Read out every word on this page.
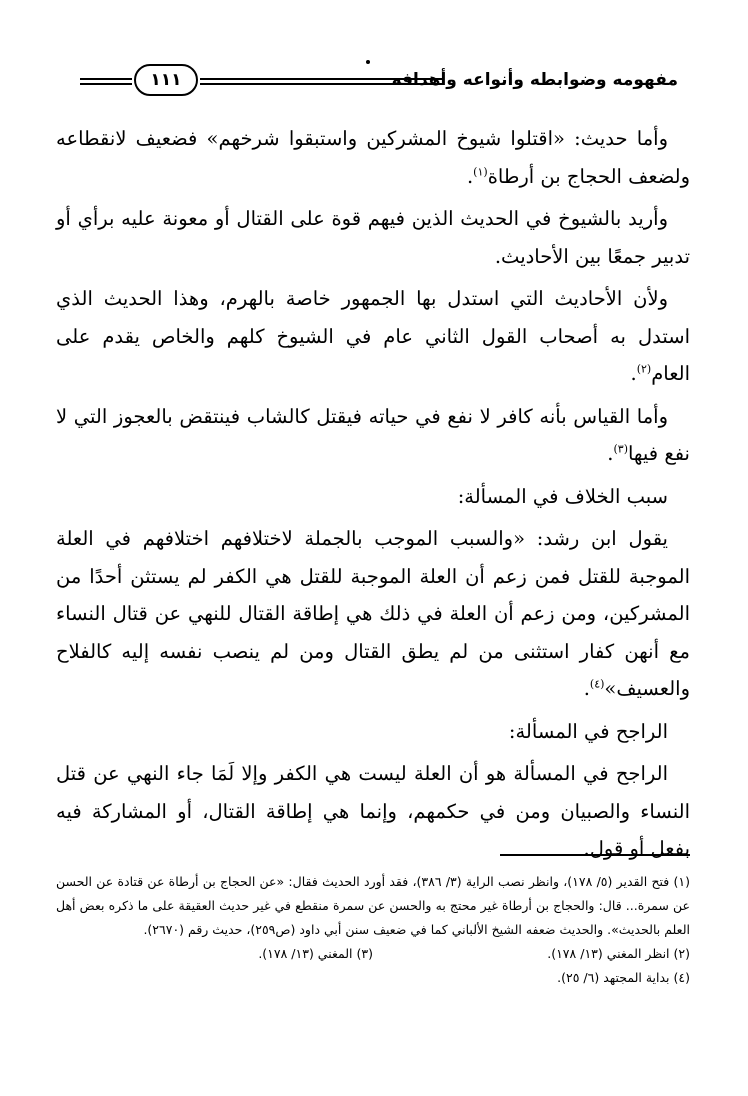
مفهومه وضوابطه وأنواعه وأهدافه
١١١

وأما حديث: «اقتلوا شيوخ المشركين واستبقوا شرخهم» فضعيف لانقطاعه ولضعف الحجاج بن أرطاة$^{(١)}$.

وأريد بالشيوخ في الحديث الذين فيهم قوة على القتال أو معونة عليه برأي أو تدبير جمعًا بين الأحاديث.

ولأن الأحاديث التي استدل بها الجمهور خاصة بالهرم، وهذا الحديث الذي استدل به أصحاب القول الثاني عام في الشيوخ كلهم والخاص يقدم على العام$^{(٢)}$.

وأما القياس بأنه كافر لا نفع في حياته فيقتل كالشاب فينتقض بالعجوز التي لا نفع فيها$^{(٣)}$.

سبب الخلاف في المسألة:

يقول ابن رشد: «والسبب الموجب بالجملة لاختلافهم اختلافهم في العلة الموجبة للقتل فمن زعم أن العلة الموجبة للقتل هي الكفر لم يستثن أحدًا من المشركين، ومن زعم أن العلة في ذلك هي إطاقة القتال للنهي عن قتال النساء مع أنهن كفار استثنى من لم يطق القتال ومن لم ينصب نفسه إليه كالفلاح والعسيف»$^{(٤)}$.

الراجح في المسألة:

الراجح في المسألة هو أن العلة ليست هي الكفر وإلا لَمَا جاء النهي عن قتل النساء والصبيان ومن في حكمهم، وإنما هي إطاقة القتال، أو المشاركة فيه بفعل أو قول.

(١) فتح القدير (٥/ ١٧٨)، وانظر نصب الراية (٣/ ٣٨٦)، فقد أورد الحديث فقال: «عن الحجاج بن أرطاة عن قتادة عن الحسن عن سمرة... قال: والحجاج بن أرطاة غير محتج به والحسن عن سمرة منقطع في غير حديث العقيقة على ما ذكره بعض أهل العلم بالحديث». والحديث ضعفه الشيخ الألباني كما في ضعيف سنن أبي داود (ص٢٥٩)، حديث رقم (٢٦٧٠).

(٢) انظر المغني (١٣/ ١٧٨).

(٣) المغني (١٣/ ١٧٨).

(٤) بداية المجتهد (٦/ ٢٥).
